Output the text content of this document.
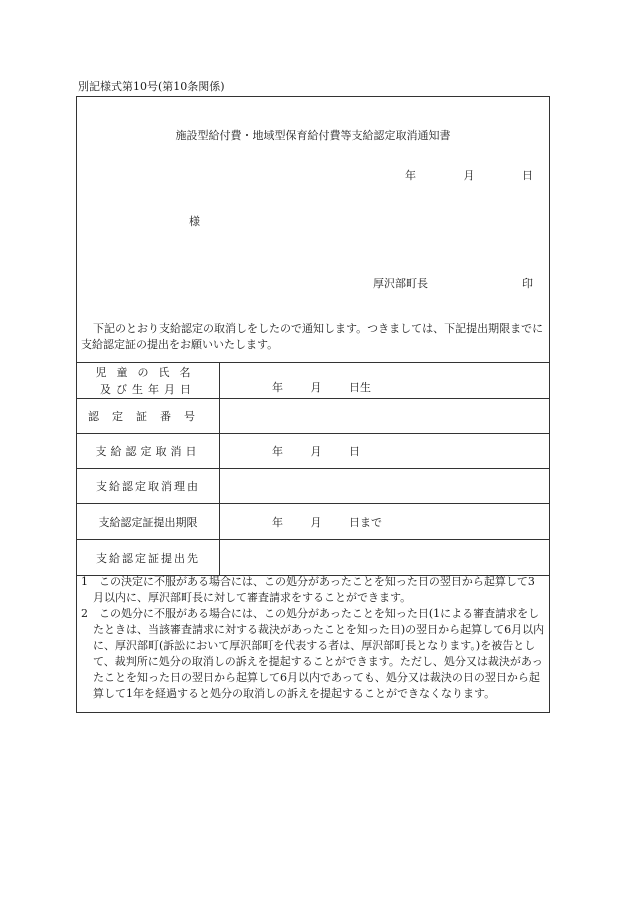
別記様式第10号(第10条関係)
施設型給付費・地域型保育給付費等支給認定取消通知書
年	月	日
様
厚沢部町長	印
下記のとおり支給認定の取消しをしたので通知します。つきましては、下記提出期限までに支給認定証の提出をお願いいたします。
児童の氏名
及び生年月日	年 月 日生
認定証番号	
支給認定取消日	年 月 日
支給認定取消理由	
支給認定証提出期限	年 月 日まで
支給認定証提出先	

1　この決定に不服がある場合には、この処分があったことを知った日の翌日から起算して3月以内に、厚沢部町長に対して審査請求をすることができます。

2　この処分に不服がある場合には、この処分があったことを知った日(1による審査請求をしたときは、当該審査請求に対する裁決があったことを知った日)の翌日から起算して6月以内に、厚沢部町(訴訟において厚沢部町を代表する者は、厚沢部町長となります。)を被告として、裁判所に処分の取消しの訴えを提起することができます。ただし、処分又は裁決があったことを知った日の翌日から起算して6月以内であっても、処分又は裁決の日の翌日から起算して1年を経過すると処分の取消しの訴えを提起することができなくなります。
